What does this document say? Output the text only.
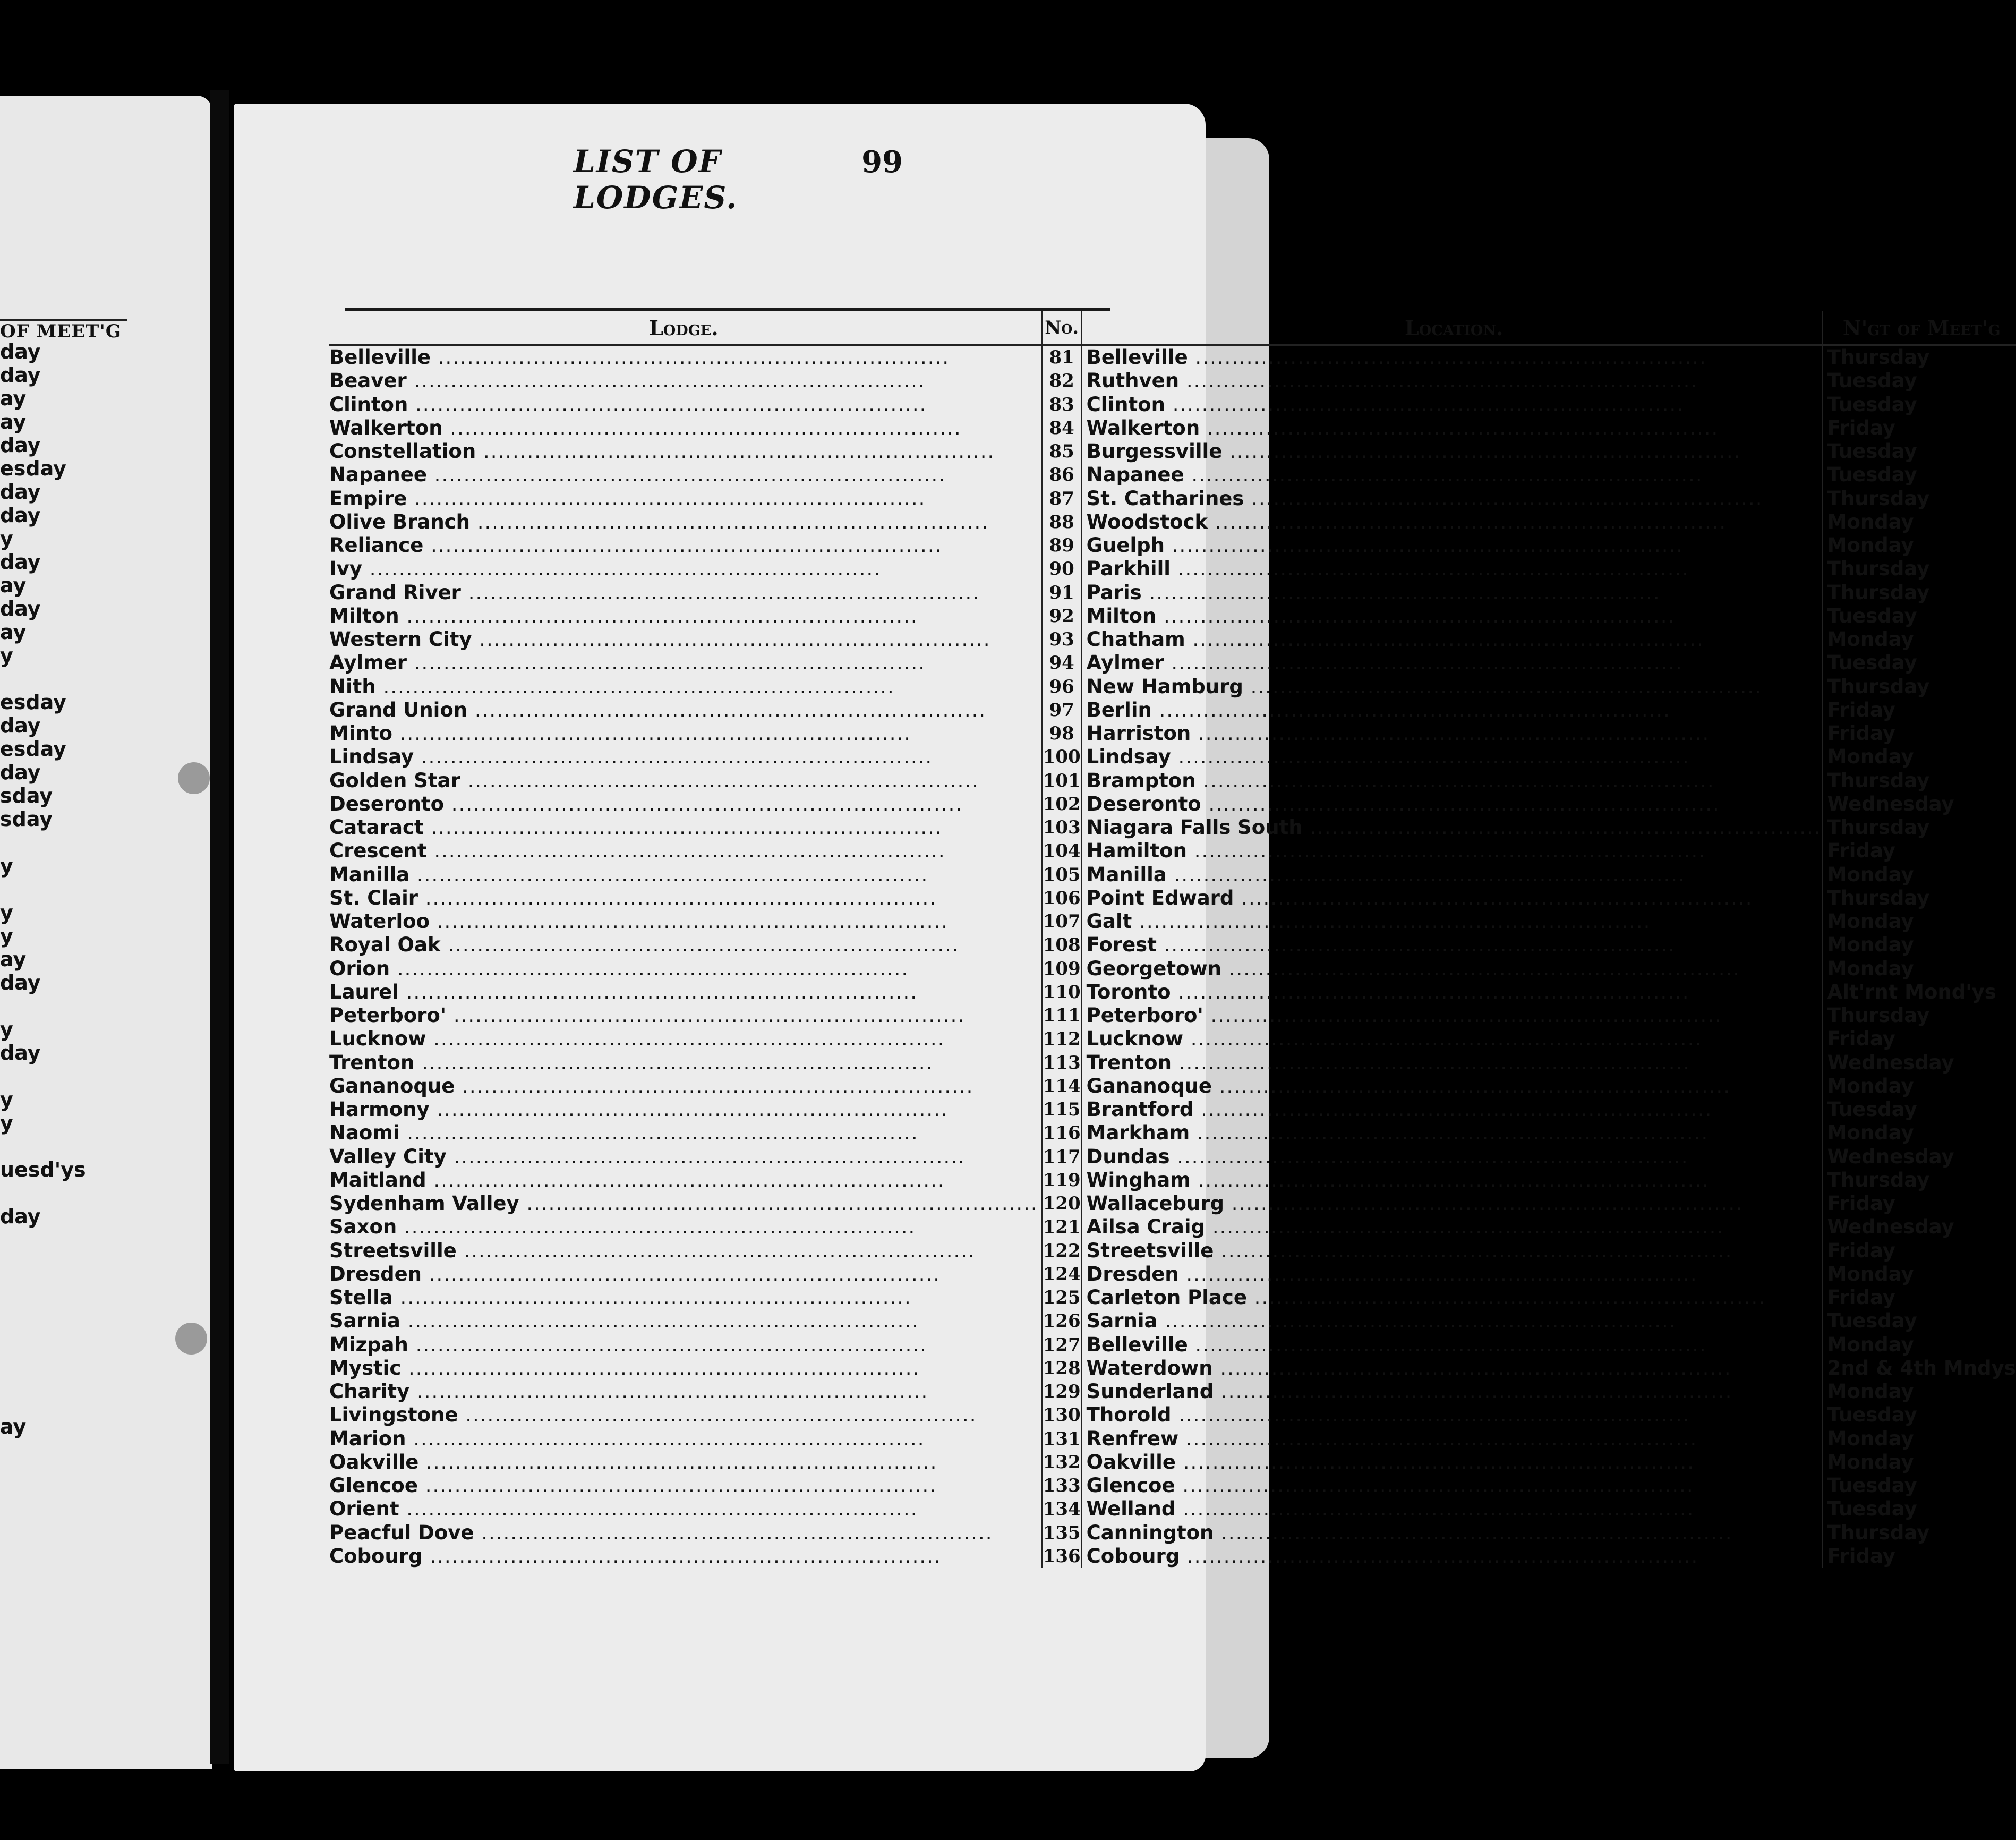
OF MEET'G
day
day
ay
ay
day
esday
day
day
y
day
ay
day
ay
y
esday
day
esday
day
sday
sday
y
y
y
ay
day
y
day
y
y
uesd'ys
day
ay
LIST OF LODGES.
99
Lodge.	No.	Location.	N'gt of Meet'g
Belleville .....	81	Belleville .....	Thursday
Beaver .....	82	Ruthven .....	Tuesday
Clinton .....	83	Clinton .....	Tuesday
Walkerton .....	84	Walkerton .....	Friday
Constellation .....	85	Burgessville .....	Tuesday
Napanee .....	86	Napanee .....	Tuesday
Empire .....	87	St. Catharines .....	Thursday
Olive Branch .....	88	Woodstock .....	Monday
Reliance .....	89	Guelph .....	Monday
Ivy .....	90	Parkhill .....	Thursday
Grand River .....	91	Paris .....	Thursday
Milton .....	92	Milton .....	Tuesday
Western City .....	93	Chatham .....	Monday
Aylmer .....	94	Aylmer .....	Tuesday
Nith .....	96	New Hamburg .....	Thursday
Grand Union .....	97	Berlin .....	Friday
Minto .....	98	Harriston .....	Friday
Lindsay .....	100	Lindsay .....	Monday
Golden Star .....	101	Brampton .....	Thursday
Deseronto .....	102	Deseronto .....	Wednesday
Cataract .....	103	Niagara Falls South .....	Thursday
Crescent .....	104	Hamilton .....	Friday
Manilla .....	105	Manilla .....	Monday
St. Clair .....	106	Point Edward .....	Thursday
Waterloo .....	107	Galt .....	Monday
Royal Oak .....	108	Forest .....	Monday
Orion .....	109	Georgetown .....	Monday
Laurel .....	110	Toronto .....	Alt'rnt Mond'ys
Peterboro' .....	111	Peterboro' .....	Thursday
Lucknow .....	112	Lucknow .....	Friday
Trenton .....	113	Trenton .....	Wednesday
Gananoque .....	114	Gananoque .....	Monday
Harmony .....	115	Brantford .....	Tuesday
Naomi .....	116	Markham .....	Monday
Valley City .....	117	Dundas .....	Wednesday
Maitland .....	119	Wingham .....	Thursday
Sydenham Valley .....	120	Wallaceburg .....	Friday
Saxon .....	121	Ailsa Craig .....	Wednesday
Streetsville .....	122	Streetsville .....	Friday
Dresden .....	124	Dresden .....	Monday
Stella .....	125	Carleton Place .....	Friday
Sarnia .....	126	Sarnia .....	Tuesday
Mizpah .....	127	Belleville .....	Monday
Mystic .....	128	Waterdown .....	2nd & 4th Mndys
Charity .....	129	Sunderland .....	Monday
Livingstone .....	130	Thorold .....	Tuesday
Marion .....	131	Renfrew .....	Monday
Oakville .....	132	Oakville .....	Monday
Glencoe .....	133	Glencoe .....	Tuesday
Orient .....	134	Welland .....	Tuesday
Peacful Dove .....	135	Cannington .....	Thursday
Cobourg .....	136	Cobourg .....	Friday
